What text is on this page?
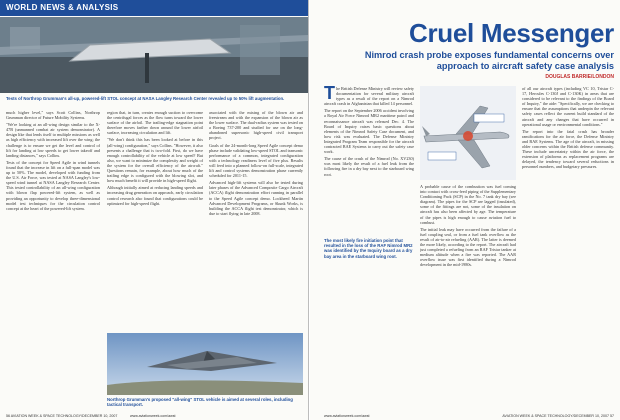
WORLD NEWS & ANALYSIS
Tests of Northrop Grumman's all-up, powered-lift STOL concept at NASA Langley Research Center revealed up to 50% lift augmentation.

much higher level," says Scott Collins, Northrop Grumman director of Future Mobility Systems.

"We're looking at an all-wing design similar to the X-47B (unmanned combat air system demonstrator). A design like that lends itself to multiple missions as well as high efficiency with increased lift over the wing; the challenge is to ensure we get the level and control of lift for landing at low speeds to get lower takeoff and landing distances," says Collins.

Tests of the concept for Speed Agile in wind tunnels found that the increase in lift on a full-span model was up to 50%. The model, developed with funding from the U.S. Air Force, was tested at NASA Langley's low-speed wind tunnel at NASA Langley Research Center. This tested controllability of an all-wing configuration with blown flap powered-lift system, as well as providing an opportunity to develop three-dimensional model test techniques for the circulation control concept at the heart of the powered-lift system.

region that, in turn, creates enough suction to overcome the centrifugal forces as the flow turns toward the lower surface of the airfoil. The trailing-edge stagnation point therefore moves farther down around the lower airfoil surface, increasing circulation and lift.

"We don't think this has been looked at before in this (all-wing) configuration," says Collins. "However, it also presents a challenge that is two-fold. First, do we have enough controllability of the vehicle at low speed? But also, we want to minimize the complexity and weight of the system for the overall efficiency of the aircraft." Questions remain, for example, about how much of the trailing edge is configured with the blowing slot, and how much benefit it will provide in high-speed flight.

Although initially aimed at reducing landing speeds and increasing drag generation on approach, early circulation control research also found that configurations could be optimized for high-speed flight.

associated with the mixing of the blown air and freestream and with the expansion of the blown air as the lower surface. The dual-radius system was tested on a Boeing 737-200 and studied for use on the long-abandoned supersonic high-speed civil transport project.

Goals of the 24-month-long Speed Agile concept demo phase include validating low-speed STOL and transonic performance of a common, integrated configuration with a technology readiness level of five plus. Results will feed into a planned follow-on full-scale, integrated lift and control systems demonstration phase currently scheduled for 2011-15.

Advanced high-lift systems will also be tested during later phases of the Advanced Composite Cargo Aircraft (ACCA) flight demonstration effort running in parallel to the Speed Agile concept demo. Lockheed Martin Advanced Development Programs, or Skunk Works, is building the ACCA flight test demonstrator, which is due to start flying in late 2008.

Northrop Grumman's proposed "all-wing" STOL vehicle is aimed at several roles, including tactical transport.
56 AVIATION WEEK & SPACE TECHNOLOGY/DECEMBER 10, 2007	www.aviationweek.com/awst
Cruel Messenger
Nimrod crash probe exposes fundamental concerns over approach to aircraft safety case analysis
DOUGLAS BARRIE/LONDON

The British Defense Ministry will review safety documentation for several military aircraft types as a result of the report on a Nimrod aircraft crash in Afghanistan that killed 14 personnel.

The report on the September 2006 accident involving a Royal Air Force Nimrod MR2 maritime patrol and reconnaissance aircraft was released Dec. 4. The Board of Inquiry raises basic questions about elements of the Nimrod Safety Case document, and how risk was evaluated. The Defense Ministry Integrated Program Team responsible for the aircraft contracted BAE Systems to carry out the safety case work.

The cause of the crash of the Nimrod (No. XV230) was most likely the result of a fuel leak from the following fire in a dry bay next to the starboard wing root.

The most likely fire initiation point that resulted in the loss of the RAF Nimrod MR2 was identified by the Inquiry board as a dry bay area in the starboard wing root.

A probable cause of the combustion was fuel coming into contact with cross-feed piping of the Supplementary Conditioning Pack (SCP) in the No. 7 tank dry bay (see diagram). The pipes for the SCP are lagged (insulated), some of the fittings are not, some of the insulation on aircraft has also been affected by age. The temperature of the pipes is high enough to cause aviation fuel to combust.

The initial leak may have occurred from the failure of a fuel coupling seal, or from a fuel tank overflow as the result of air-to-air refueling (AAR). The latter is deemed the more likely, according to the report. The aircraft had just completed a refueling from an RAF Tristar tanker at medium altitude when a fire was reported. The AAR overflow issue was first identified during a Nimrod development in the mid-1980s.

of all our aircraft types (including VC 10, Tristar C-17, Hercules C-130J and C-130K) in areas that are considered to be relevant to the findings of the Board of Inquiry," the aide: "Specifically, we are checking to ensure that the assumptions that underpin the relevant safety cases reflect the current build standard of the aircraft and any changes that have occurred in operational usage or environmental conditions."

The report into the fatal crash has broader ramifications for the air force, the Defense Ministry and BAE Systems. The age of the aircraft, in missing older concerns within the British defense community. These include uncertainty within the air force, the extension of platforms as replacement programs are delayed, the tendency toward several reductions in personnel numbers, and budgetary pressures.

www.aviationweek.com/awst	AVIATION WEEK & SPACE TECHNOLOGY/DECEMBER 10, 2007 57
